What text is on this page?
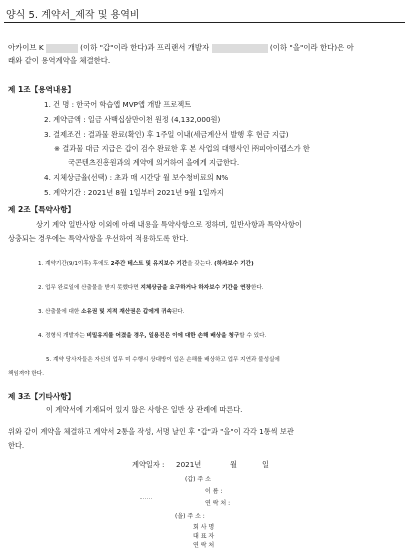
양식 5. 계약서_제작 및 용역비
아카이브 K	(이하 "갑"이라 한다)과 프리랜서 개발자	(이하 "을"이라 한다)은 아
래와 같이 용역계약을 체결한다.
제 1조【용역내용】
1. 건 명 : 한국어 학습앱 MVP앱 개발 프로젝트
2. 계약금액 : 일금 사백십삼만이천 원정 (4,132,000원)
3. 결제조건 : 결과물 완료(확인) 후 1주일 이내(세금계산서 발행 후 현금 지급)
※ 결과물 대금 지급은 갑이 검수 완료한 후 본 사업의 대행사인 ㈜피아이랩스가 한
국콘텐츠진흥원과의 계약에 의거하여 을에게 지급한다.
4. 지체상금율(선택) : 초과 매 시간당 월 보수청비료의 N%
5. 계약기간 : 2021년 8월 1일부터 2021년 9월 1일까지
제 2조【특약사항】
상기 계약 일반사항 이외에 아래 내용을 특약사항으로 정하며, 일반사항과 특약사항이
상충되는 경우에는 특약사항을 우선하여 적용하도록 한다.
1. 계약기간(9/1이후) 후에도 2주간 테스트 및 유지보수 기간을 갖는다. (하자보수 기간)
2. 업무 완료일에 산출물을 받지 못했다면 지체상금을 요구하거나 하자보수 기간을 연장한다.
3. 산출물에 대한 소유권 및 지적 재산권은 갑에게 귀속된다.
4. 정형식 개발자는 비밀유지를 어겼을 경우, 일용진은 이에 대한 손해 배상을 청구할 수 있다.
5. 계약 당사자들은 자신의 업무 미 수행시 상대방이 입은 손해를 배상하고 업무 지연과 불성실에
책임져야 한다.
제 3조【기타사항】
이 계약서에 기재되어 있지 않은 사항은 일반 상 관례에 따른다.
위와 같이 계약을 체결하고 계약서 2통을 작성, 서명 날인 후 "갑"과 "을"이 각각 1통씩 보관
한다.
계약일자 : 2021년	월	일
(갑) 주 소
이 름 :
연 락 처 :
(을) 주 소 :
회 사 명
대 표 자
연 락 처
